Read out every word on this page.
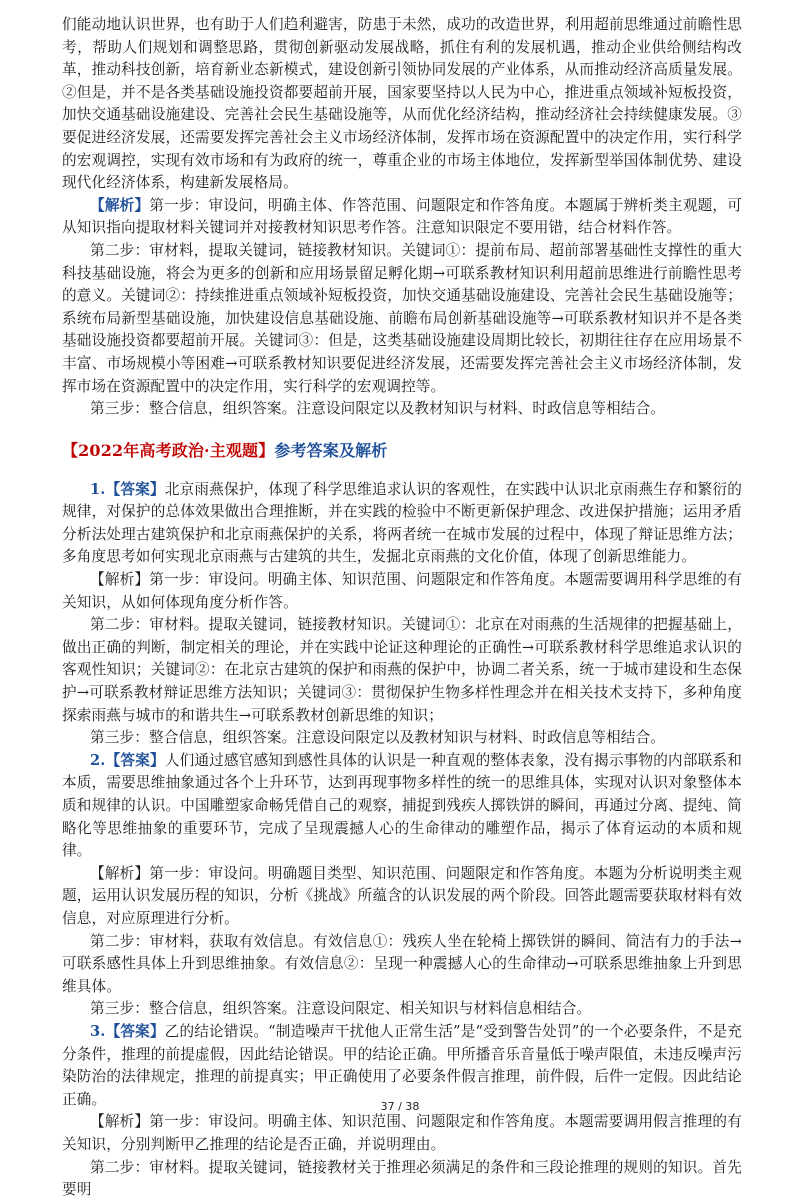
们能动地认识世界，也有助于人们趋利避害，防患于未然，成功的改造世界，利用超前思维通过前瞻性思考，帮助人们规划和调整思路，贯彻创新驱动发展战略，抓住有利的发展机遇，推动企业供给侧结构改革，推动科技创新，培育新业态新模式，建设创新引领协同发展的产业体系，从而推动经济高质量发展。②但是，并不是各类基础设施投资都要超前开展，国家要坚持以人民为中心，推进重点领域补短板投资，加快交通基础设施建设、完善社会民生基础设施等，从而优化经济结构，推动经济社会持续健康发展。③要促进经济发展，还需要发挥完善社会主义市场经济体制，发挥市场在资源配置中的决定作用，实行科学的宏观调控，实现有效市场和有为政府的统一，尊重企业的市场主体地位，发挥新型举国体制优势、建设现代化经济体系，构建新发展格局。

【解析】第一步：审设问，明确主体、作答范围、问题限定和作答角度。本题属于辨析类主观题，可从知识指向提取材料关键词并对接教材知识思考作答。注意知识限定不要用错，结合材料作答。

第二步：审材料，提取关键词，链接教材知识。关键词①：提前布局、超前部署基础性支撑性的重大科技基础设施，将会为更多的创新和应用场景留足孵化期→可联系教材知识利用超前思维进行前瞻性思考的意义。关键词②：持续推进重点领域补短板投资，加快交通基础设施建设、完善社会民生基础设施等；系统布局新型基础设施，加快建设信息基础设施、前瞻布局创新基础设施等→可联系教材知识并不是各类基础设施投资都要超前开展。关键词③：但是，这类基础设施建设周期比较长，初期往往存在应用场景不丰富、市场规模小等困难→可联系教材知识要促进经济发展，还需要发挥完善社会主义市场经济体制，发挥市场在资源配置中的决定作用，实行科学的宏观调控等。

第三步：整合信息，组织答案。注意设问限定以及教材知识与材料、时政信息等相结合。

【2022年高考政治·主观题】参考答案及解析

1.【答案】北京雨燕保护，体现了科学思维追求认识的客观性，在实践中认识北京雨燕生存和繁衍的规律，对保护的总体效果做出合理推断，并在实践的检验中不断更新保护理念、改进保护措施；运用矛盾分析法处理古建筑保护和北京雨燕保护的关系，将两者统一在城市发展的过程中，体现了辩证思维方法；多角度思考如何实现北京雨燕与古建筑的共生，发掘北京雨燕的文化价值，体现了创新思维能力。

【解析】第一步：审设问。明确主体、知识范围、问题限定和作答角度。本题需要调用科学思维的有关知识，从如何体现角度分析作答。

第二步：审材料。提取关键词，链接教材知识。关键词①：北京在对雨燕的生活规律的把握基础上，做出正确的判断，制定相关的理论，并在实践中论证这种理论的正确性→可联系教材科学思维追求认识的客观性知识；关键词②：在北京古建筑的保护和雨燕的保护中，协调二者关系，统一于城市建设和生态保护→可联系教材辩证思维方法知识；关键词③：贯彻保护生物多样性理念并在相关技术支持下，多种角度探索雨燕与城市的和谐共生→可联系教材创新思维的知识；

第三步：整合信息，组织答案。注意设问限定以及教材知识与材料、时政信息等相结合。

2.【答案】人们通过感官感知到感性具体的认识是一种直观的整体表象，没有揭示事物的内部联系和本质，需要思维抽象通过各个上升环节，达到再现事物多样性的统一的思维具体，实现对认识对象整体本质和规律的认识。中国雕塑家命畅凭借自己的观察，捕捉到残疾人掷铁饼的瞬间，再通过分离、提纯、简略化等思维抽象的重要环节，完成了呈现震撼人心的生命律动的雕塑作品，揭示了体育运动的本质和规律。

【解析】第一步：审设问。明确题目类型、知识范围、问题限定和作答角度。本题为分析说明类主观题，运用认识发展历程的知识，分析《挑战》所蕴含的认识发展的两个阶段。回答此题需要获取材料有效信息，对应原理进行分析。

第二步：审材料，获取有效信息。有效信息①：残疾人坐在轮椅上掷铁饼的瞬间、简洁有力的手法→可联系感性具体上升到思维抽象。有效信息②：呈现一种震撼人心的生命律动→可联系思维抽象上升到思维具体。

第三步：整合信息，组织答案。注意设问限定、相关知识与材料信息相结合。

3.【答案】乙的结论错误。“制造噪声干扰他人正常生活”是“受到警告处罚”的一个必要条件，不是充分条件，推理的前提虚假，因此结论错误。甲的结论正确。甲所播音乐音量低于噪声限值，未违反噪声污染防治的法律规定，推理的前提真实；甲正确使用了必要条件假言推理，前件假，后件一定假。因此结论正确。

【解析】第一步：审设问。明确主体、知识范围、问题限定和作答角度。本题需要调用假言推理的有关知识，分别判断甲乙推理的结论是否正确，并说明理由。

第二步：审材料。提取关键词，链接教材关于推理必须满足的条件和三段论推理的规则的知识。首先要明

37 / 38
